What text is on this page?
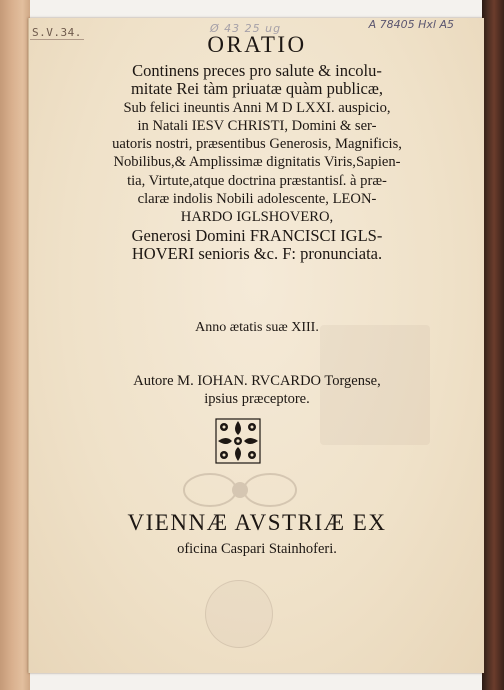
S.V.34.	Ø 43 25 ug	A 78405 Hxl A5
ORATIO
Continens preces pro salute & incolu-
mitate Rei tàm priuatæ quàm publicæ,
Sub felici ineuntis Anni M D LXXI. auspicio,
in Natali IESV CHRISTI, Domini & ser-
uatoris nostri, præsentibus Generosis, Magnificis,
Nobilibus,& Amplissimæ dignitatis Viris,Sapien-
tia, Virtute,atque doctrina præstantisſ. à præ-
claræ indolis Nobili adolescente, LEON-
HARDO IGLSHOVERO,
Generosi Domini FRANCISCI IGLS-
HOVERI senioris &c. F: pronunciata.
Anno ætatis suæ XIII.
Autore M. IOHAN. RVCARDO Torgense,
ipsius præceptore.
VIENNÆ AVSTRIÆ EX
oficina Caspari Stainhoferi.
